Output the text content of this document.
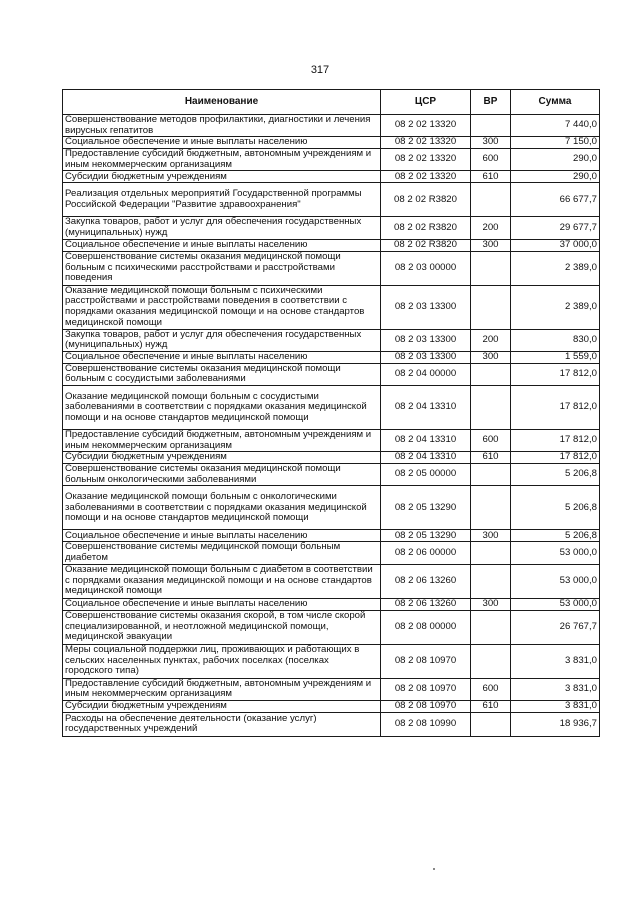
317
Наименование	ЦСР	ВР	Сумма
Совершенствование методов профилактики, диагностики и лечения вирусных гепатитов	08 2 02 13320		7 440,0
Социальное обеспечение и иные выплаты населению	08 2 02 13320	300	7 150,0
Предоставление субсидий бюджетным, автономным учреждениям и иным некоммерческим организациям	08 2 02 13320	600	290,0
Субсидии бюджетным учреждениям	08 2 02 13320	610	290,0
Реализация отдельных мероприятий Государственной программы Российской Федерации "Развитие здравоохранения"	08 2 02 R3820		66 677,7
Закупка товаров, работ и услуг для обеспечения государственных (муниципальных) нужд	08 2 02 R3820	200	29 677,7
Социальное обеспечение и иные выплаты населению	08 2 02 R3820	300	37 000,0
Совершенствование системы оказания медицинской помощи больным с психическими расстройствами и расстройствами поведения	08 2 03 00000		2 389,0
Оказание медицинской помощи больным с психическими расстройствами и расстройствами поведения в соответствии с порядками оказания медицинской помощи и на основе стандартов медицинской помощи	08 2 03 13300		2 389,0
Закупка товаров, работ и услуг для обеспечения государственных (муниципальных) нужд	08 2 03 13300	200	830,0
Социальное обеспечение и иные выплаты населению	08 2 03 13300	300	1 559,0
Совершенствование системы оказания медицинской помощи больным с сосудистыми заболеваниями	08 2 04 00000		17 812,0
Оказание медицинской помощи больным с сосудистыми заболеваниями в соответствии с порядками оказания медицинской помощи и на основе стандартов медицинской помощи	08 2 04 13310		17 812,0
Предоставление субсидий бюджетным, автономным учреждениям и иным некоммерческим организациям	08 2 04 13310	600	17 812,0
Субсидии бюджетным учреждениям	08 2 04 13310	610	17 812,0
Совершенствование системы оказания медицинской помощи больным онкологическими заболеваниями	08 2 05 00000		5 206,8
Оказание медицинской помощи больным с онкологическими заболеваниями в соответствии с порядками оказания медицинской помощи и на основе стандартов медицинской помощи	08 2 05 13290		5 206,8
Социальное обеспечение и иные выплаты населению	08 2 05 13290	300	5 206,8
Совершенствование системы медицинской помощи больным диабетом	08 2 06 00000		53 000,0
Оказание медицинской помощи больным с диабетом в соответствии с порядками оказания медицинской помощи и на основе стандартов медицинской помощи	08 2 06 13260		53 000,0
Социальное обеспечение и иные выплаты населению	08 2 06 13260	300	53 000,0
Совершенствование системы оказания скорой, в том числе скорой специализированной, и неотложной медицинской помощи, медицинской эвакуации	08 2 08 00000		26 767,7
Меры социальной поддержки лиц, проживающих и работающих в сельских населенных пунктах, рабочих поселках (поселках городского типа)	08 2 08 10970		3 831,0
Предоставление субсидий бюджетным, автономным учреждениям и иным некоммерческим организациям	08 2 08 10970	600	3 831,0
Субсидии бюджетным учреждениям	08 2 08 10970	610	3 831,0
Расходы на обеспечение деятельности (оказание услуг) государственных учреждений	08 2 08 10990		18 936,7
